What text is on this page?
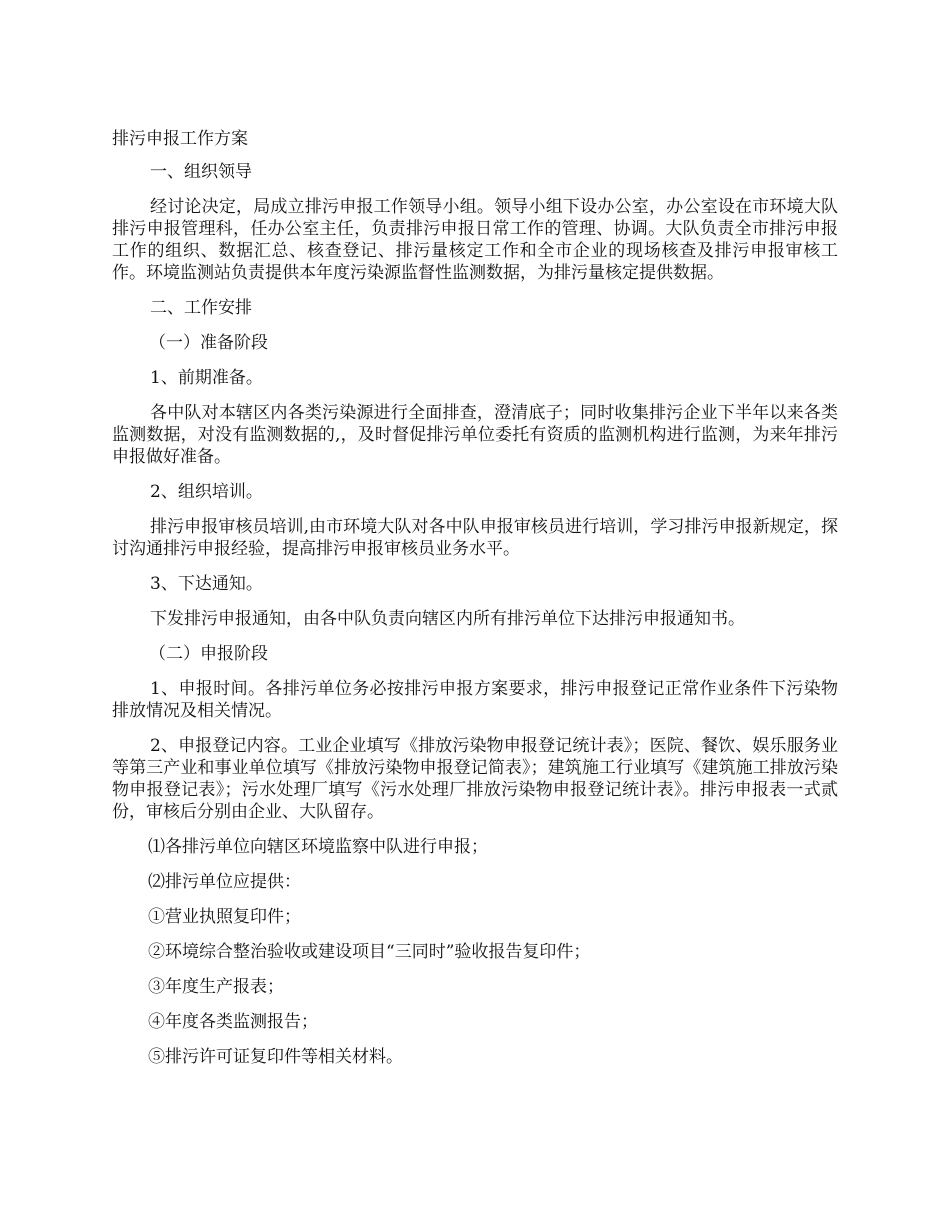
排污申报工作方案

一、组织领导

经讨论决定，局成立排污申报工作领导小组。领导小组下设办公室，办公室设在市环境大队排污申报管理科，任办公室主任，负责排污申报日常工作的管理、协调。大队负责全市排污申报工作的组织、数据汇总、核查登记、排污量核定工作和全市企业的现场核查及排污申报审核工作。环境监测站负责提供本年度污染源监督性监测数据，为排污量核定提供数据。

二、工作安排

（一）准备阶段

1、前期准备。

各中队对本辖区内各类污染源进行全面排查，澄清底子；同时收集排污企业下半年以来各类监测数据，对没有监测数据的,，及时督促排污单位委托有资质的监测机构进行监测，为来年排污申报做好准备。

2、组织培训。

排污申报审核员培训,由市环境大队对各中队申报审核员进行培训，学习排污申报新规定，探讨沟通排污申报经验，提高排污申报审核员业务水平。

3、下达通知。

下发排污申报通知，由各中队负责向辖区内所有排污单位下达排污申报通知书。

（二）申报阶段

1、申报时间。各排污单位务必按排污申报方案要求，排污申报登记正常作业条件下污染物排放情况及相关情况。

2、申报登记内容。工业企业填写《排放污染物申报登记统计表》；医院、餐饮、娱乐服务业等第三产业和事业单位填写《排放污染物申报登记简表》；建筑施工行业填写《建筑施工排放污染物申报登记表》；污水处理厂填写《污水处理厂排放污染物申报登记统计表》。排污申报表一式贰份，审核后分别由企业、大队留存。

⑴各排污单位向辖区环境监察中队进行申报；

⑵排污单位应提供：

①营业执照复印件；

②环境综合整治验收或建设项目“三同时”验收报告复印件；

③年度生产报表；

④年度各类监测报告；

⑤排污许可证复印件等相关材料。
